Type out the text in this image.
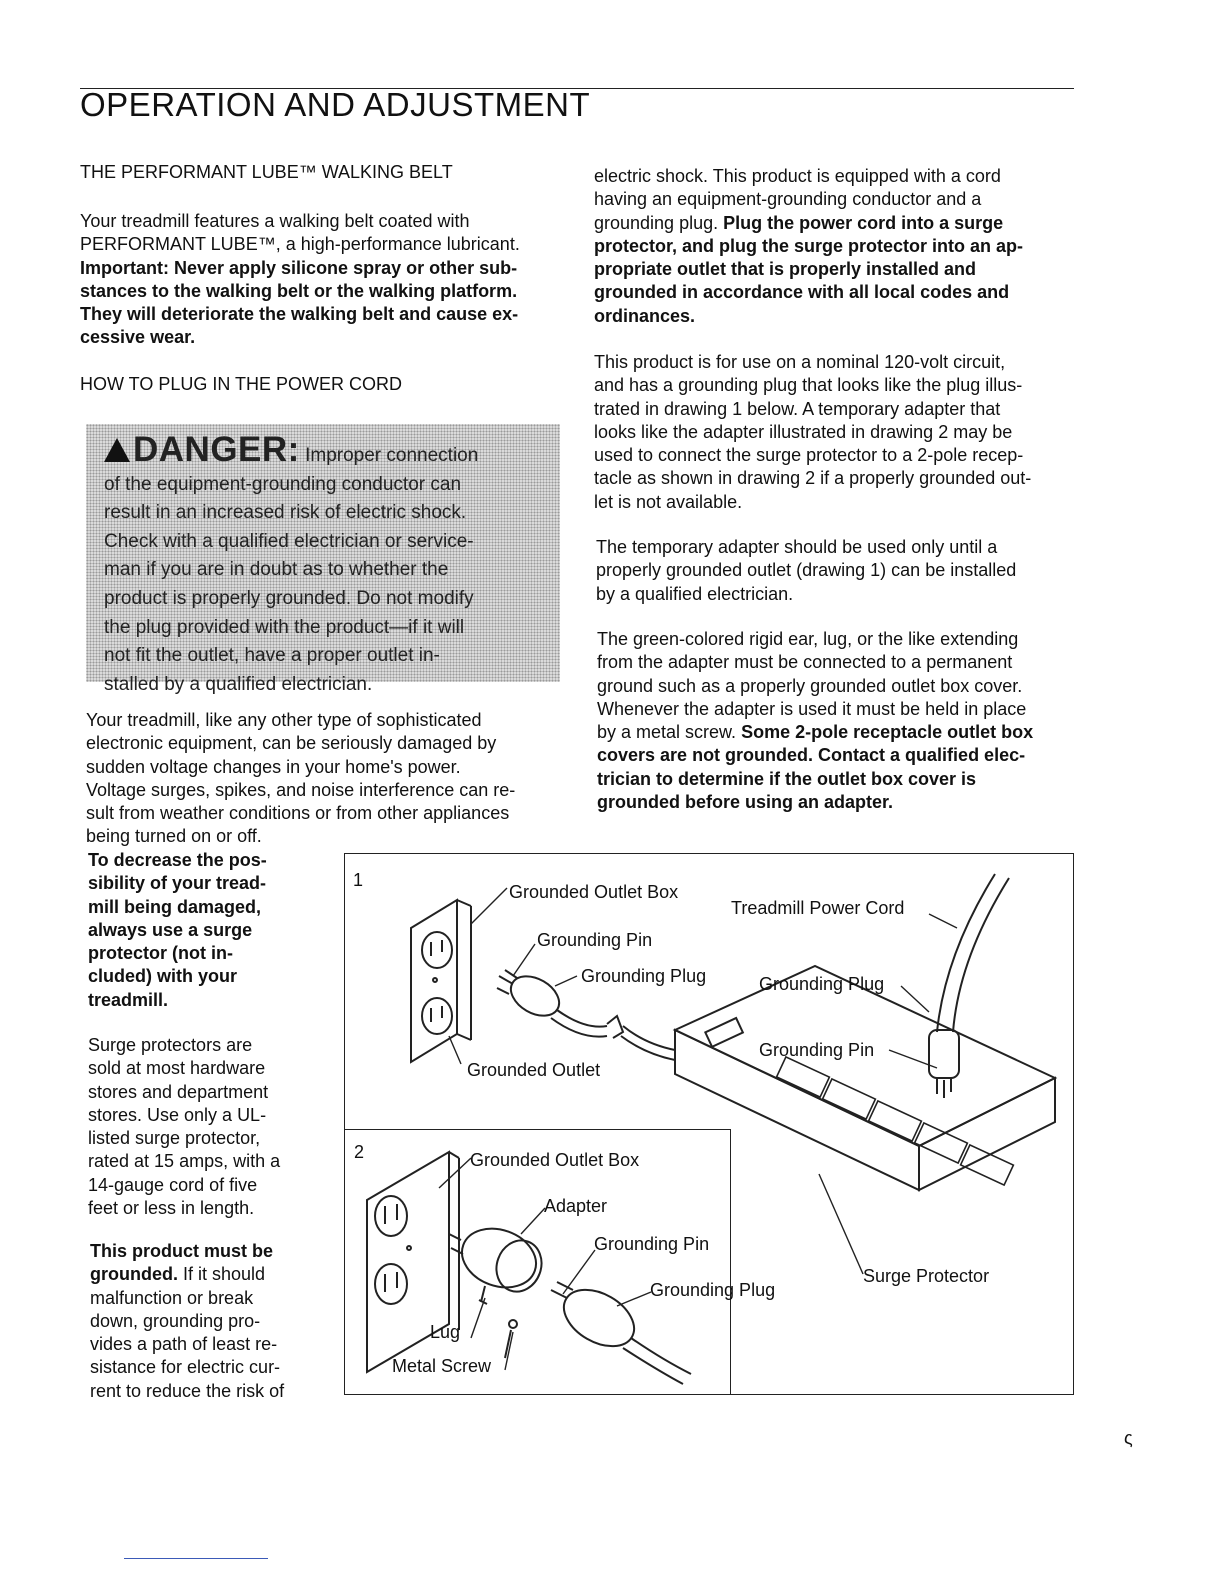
OPERATION AND ADJUSTMENT
THE PERFORMANT LUBE™ WALKING BELT
Your treadmill features a walking belt coated with
PERFORMANT LUBE™, a high-performance lubricant.
Important: Never apply silicone spray or other sub-
stances to the walking belt or the walking platform.
They will deteriorate the walking belt and cause ex-
cessive wear.
HOW TO PLUG IN THE POWER CORD
DANGER: Improper connection
of the equipment-grounding conductor can
result in an increased risk of electric shock.
Check with a qualified electrician or service-
man if you are in doubt as to whether the
product is properly grounded. Do not modify
the plug provided with the product—if it will
not fit the outlet, have a proper outlet in-
stalled by a qualified electrician.
Your treadmill, like any other type of sophisticated
electronic equipment, can be seriously damaged by
sudden voltage changes in your home's power.
Voltage surges, spikes, and noise interference can re-
sult from weather conditions or from other appliances
being turned on or off.
To decrease the pos-
sibility of your tread-
mill being damaged,
always use a surge
protector (not in-
cluded) with your
treadmill.
Surge protectors are
sold at most hardware
stores and department
stores. Use only a UL-
listed surge protector,
rated at 15 amps, with a
14-gauge cord of five
feet or less in length.
This product must be
grounded. If it should
malfunction or break
down, grounding pro-
vides a path of least re-
sistance for electric cur-
rent to reduce the risk of
electric shock. This product is equipped with a cord
having an equipment-grounding conductor and a
grounding plug. Plug the power cord into a surge
protector, and plug the surge protector into an ap-
propriate outlet that is properly installed and
grounded in accordance with all local codes and
ordinances.
This product is for use on a nominal 120-volt circuit,
and has a grounding plug that looks like the plug illus-
trated in drawing 1 below. A temporary adapter that
looks like the adapter illustrated in drawing 2 may be
used to connect the surge protector to a 2-pole recep-
tacle as shown in drawing 2 if a properly grounded out-
let is not available.
The temporary adapter should be used only until a
properly grounded outlet (drawing 1) can be installed
by a qualified electrician.
The green-colored rigid ear, lug, or the like extending
from the adapter must be connected to a permanent
ground such as a properly grounded outlet box cover.
Whenever the adapter is used it must be held in place
by a metal screw. Some 2-pole receptacle outlet box
covers are not grounded. Contact a qualified elec-
trician to determine if the outlet box cover is
grounded before using an adapter.
1
Grounded Outlet Box
Grounding Pin
Grounding Plug
Grounded Outlet
Treadmill Power Cord
Grounding Plug
Grounding Pin
Surge Protector
2	Grounded Outlet Box
Adapter
Grounding Pin
Grounding Plug
Lug
Metal Screw
ς
